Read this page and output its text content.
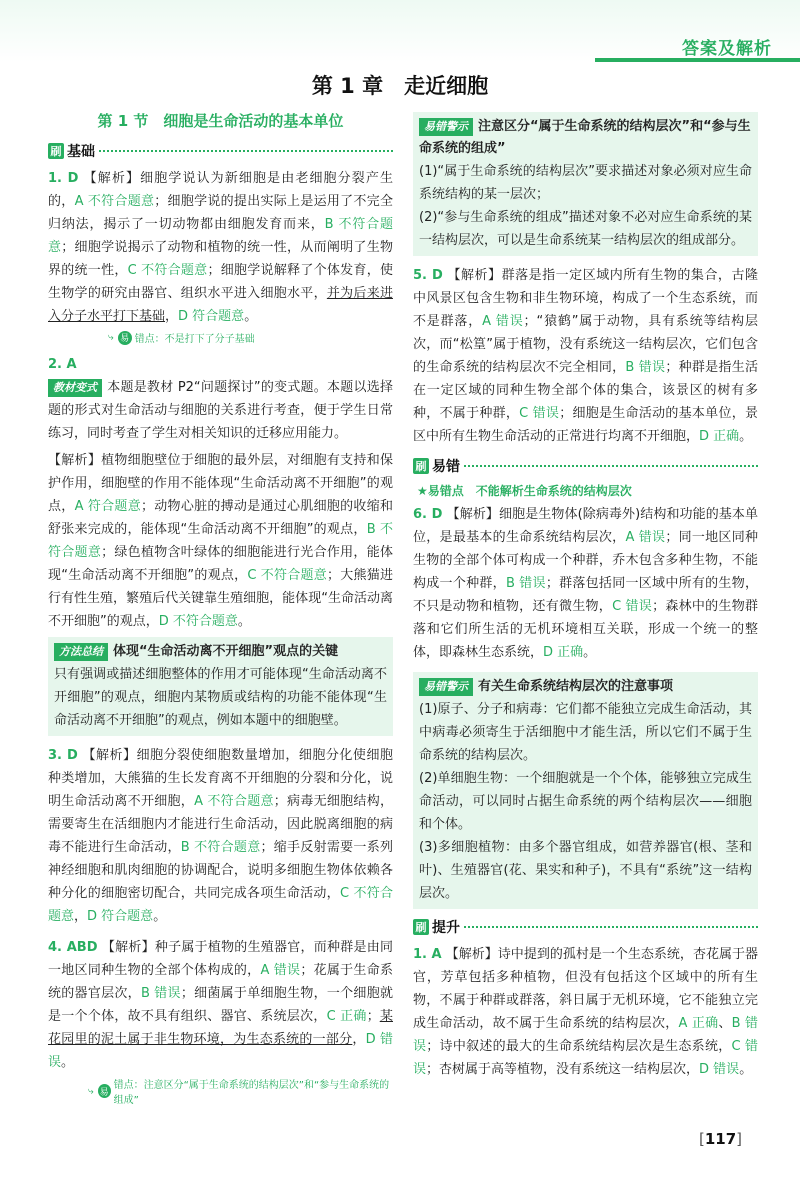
答案及解析
第 1 章　走近细胞
第 1 节　细胞是生命活动的基本单位
刷 基础

1. D 【解析】细胞学说认为新细胞是由老细胞分裂产生的，A 不符合题意；细胞学说的提出实际上是运用了不完全归纳法，揭示了一切动物都由细胞发育而来，B 不符合题意；细胞学说揭示了动物和植物的统一性，从而阐明了生物界的统一性，C 不符合题意；细胞学说解释了个体发育，使生物学的研究由器官、组织水平进入细胞水平，并为后来进入分子水平打下基础，D 符合题意。

⤷ 易 错点：不是打下了分子基础

2. A

教材变式 本题是教材 P2“问题探讨”的变式题。本题以选择题的形式对生命活动与细胞的关系进行考查，便于学生日常练习，同时考查了学生对相关知识的迁移应用能力。

【解析】植物细胞壁位于细胞的最外层，对细胞有支持和保护作用，细胞壁的作用不能体现“生命活动离不开细胞”的观点，A 符合题意；动物心脏的搏动是通过心肌细胞的收缩和舒张来完成的，能体现“生命活动离不开细胞”的观点，B 不符合题意；绿色植物含叶绿体的细胞能进行光合作用，能体现“生命活动离不开细胞”的观点，C 不符合题意；大熊猫进行有性生殖，繁殖后代关键靠生殖细胞，能体现“生命活动离不开细胞”的观点，D 不符合题意。

方法总结 体现“生命活动离不开细胞”观点的关键

只有强调或描述细胞整体的作用才可能体现“生命活动离不开细胞”的观点，细胞内某物质或结构的功能不能体现“生命活动离不开细胞”的观点，例如本题中的细胞壁。

3. D 【解析】细胞分裂使细胞数量增加，细胞分化使细胞种类增加，大熊猫的生长发育离不开细胞的分裂和分化，说明生命活动离不开细胞，A 不符合题意；病毒无细胞结构，需要寄生在活细胞内才能进行生命活动，因此脱离细胞的病毒不能进行生命活动，B 不符合题意；缩手反射需要一系列神经细胞和肌肉细胞的协调配合，说明多细胞生物体依赖各种分化的细胞密切配合，共同完成各项生命活动，C 不符合题意，D 符合题意。

4. ABD 【解析】种子属于植物的生殖器官，而种群是由同一地区同种生物的全部个体构成的，A 错误；花属于生命系统的器官层次，B 错误；细菌属于单细胞生物，一个细胞就是一个个体，故不具有组织、器官、系统层次，C 正确；某花园里的泥土属于非生物环境，为生态系统的一部分，D 错误。

⤷ 易
错点：注意区分“属于生命系统的结构层次”和“参与生命系统的组成”
易错警示 注意区分“属于生命系统的结构层次”和“参与生命系统的组成”

(1)“属于生命系统的结构层次”要求描述对象必须对应生命系统结构的某一层次；

(2)“参与生命系统的组成”描述对象不必对应生命系统的某一结构层次，可以是生命系统某一结构层次的组成部分。

5. D 【解析】群落是指一定区域内所有生物的集合，古隆中风景区包含生物和非生物环境，构成了一个生态系统，而不是群落，A 错误；“猿鹤”属于动物，具有系统等结构层次，而“松篁”属于植物，没有系统这一结构层次，它们包含的生命系统的结构层次不完全相同，B 错误；种群是指生活在一定区域的同种生物全部个体的集合，该景区的树有多种，不属于种群，C 错误；细胞是生命活动的基本单位，景区中所有生物生命活动的正常进行均离不开细胞，D 正确。

刷 易错
★易错点　不能解析生命系统的结构层次

6. D 【解析】细胞是生物体(除病毒外)结构和功能的基本单位，是最基本的生命系统结构层次，A 错误；同一地区同种生物的全部个体可构成一个种群，乔木包含多种生物，不能构成一个种群，B 错误；群落包括同一区域中所有的生物，不只是动物和植物，还有微生物，C 错误；森林中的生物群落和它们所生活的无机环境相互关联，形成一个统一的整体，即森林生态系统，D 正确。

易错警示 有关生命系统结构层次的注意事项

(1)原子、分子和病毒：它们都不能独立完成生命活动，其中病毒必须寄生于活细胞中才能生活，所以它们不属于生命系统的结构层次。

(2)单细胞生物：一个细胞就是一个个体，能够独立完成生命活动，可以同时占据生命系统的两个结构层次——细胞和个体。

(3)多细胞植物：由多个器官组成，如营养器官(根、茎和叶)、生殖器官(花、果实和种子)，不具有“系统”这一结构层次。

刷 提升

1. A 【解析】诗中提到的孤村是一个生态系统，杏花属于器官，芳草包括多种植物，但没有包括这个区域中的所有生物，不属于种群或群落，斜日属于无机环境，它不能独立完成生命活动，故不属于生命系统的结构层次，A 正确、B 错误；诗中叙述的最大的生命系统结构层次是生态系统，C 错误；杏树属于高等植物，没有系统这一结构层次，D 错误。

[117]
